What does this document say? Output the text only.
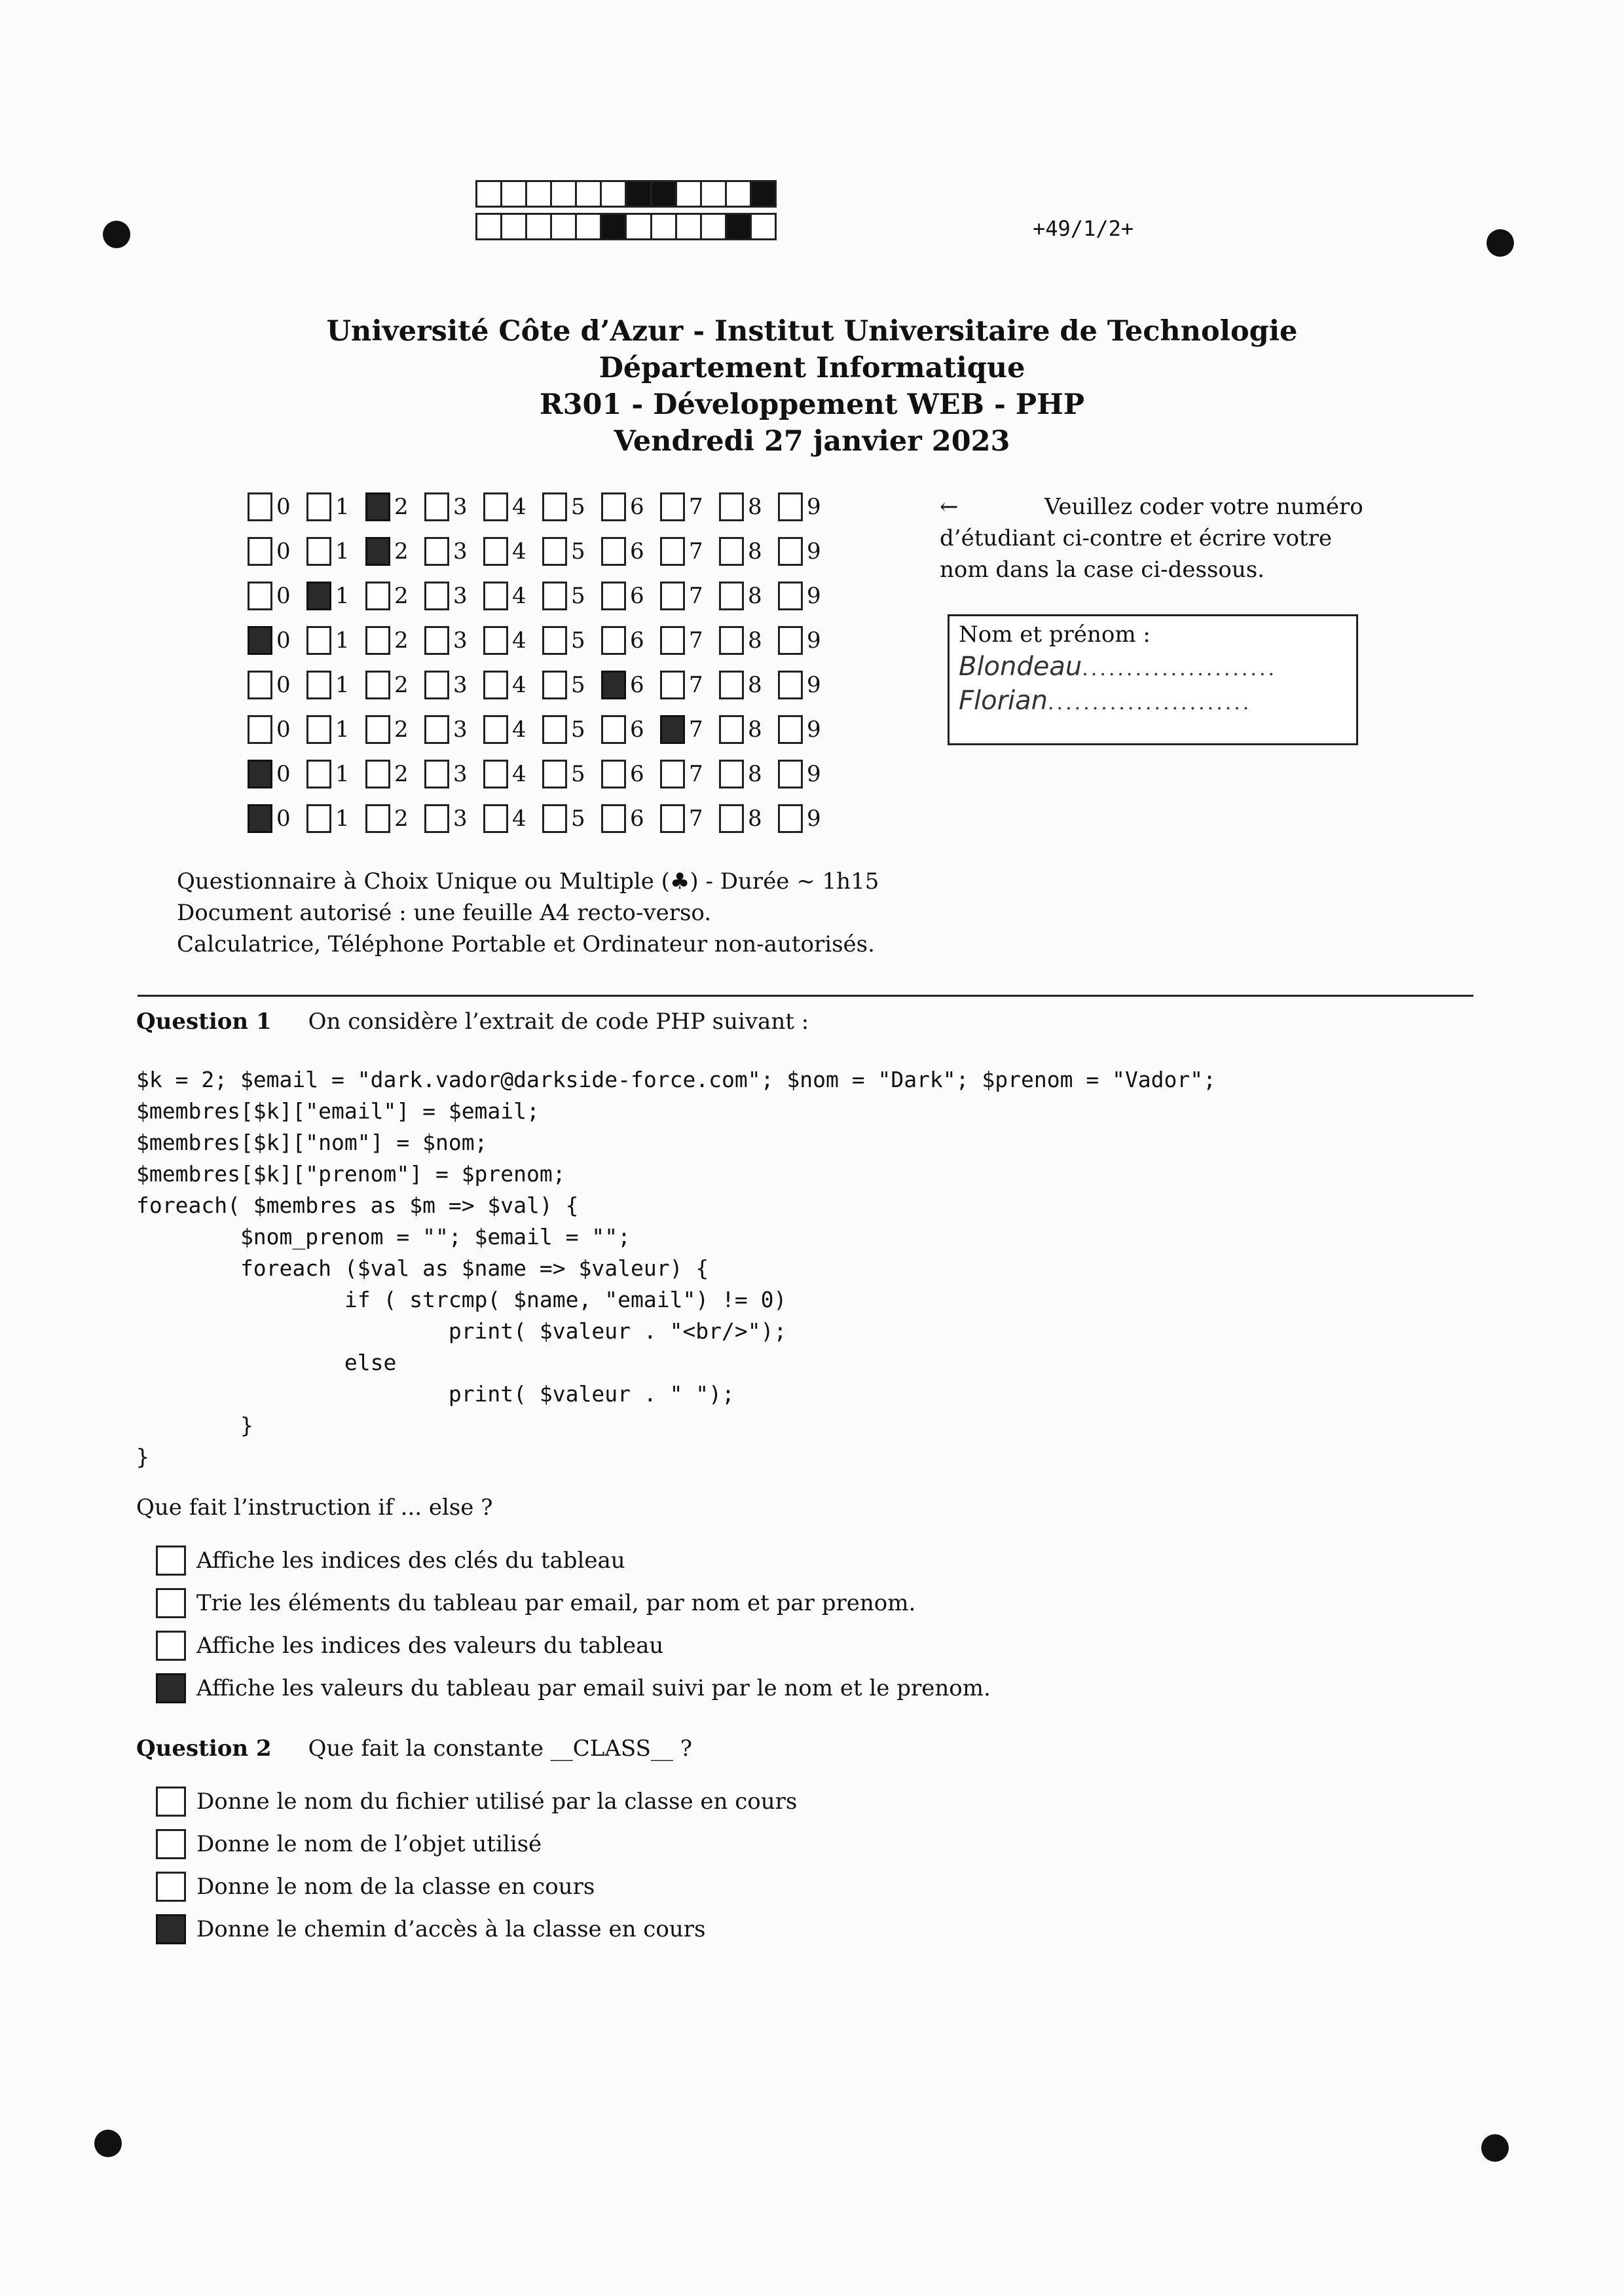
+49/1/2+
Université Côte d’Azur - Institut Universitaire de Technologie
Département Informatique
R301 - Développement WEB - PHP
Vendredi 27 janvier 2023
0 1 2 3 4 5 6 7 8 9
0 1 2 3 4 5 6 7 8 9
0 1 2 3 4 5 6 7 8 9
0 1 2 3 4 5 6 7 8 9
0 1 2 3 4 5 6 7 8 9
0 1 2 3 4 5 6 7 8 9
0 1 2 3 4 5 6 7 8 9
0 1 2 3 4 5 6 7 8 9
←	Veuillez coder votre numéro d’étudiant ci-contre et écrire votre nom dans la case ci-dessous.
Nom et prénom :
Blondeau......................
Florian.......................
Questionnaire à Choix Unique ou Multiple (♣) - Durée ∼ 1h15
Document autorisé : une feuille A4 recto-verso.
Calculatrice, Téléphone Portable et Ordinateur non-autorisés.
Question 1 On considère l’extrait de code PHP suivant :
$k = 2; $email = "dark.vador@darkside-force.com"; $nom = "Dark"; $prenom = "Vador";
$membres[$k]["email"] = $email;
$membres[$k]["nom"] = $nom;
$membres[$k]["prenom"] = $prenom;
foreach( $membres as $m => $val) {
$nom_prenom = ""; $email = "";
foreach ($val as $name => $valeur) {
if ( strcmp( $name, "email") != 0)
print( $valeur . "<br/>");
else
print( $valeur . " ");
}
}
Que fait l’instruction if ... else ?
Affiche les indices des clés du tableau
Trie les éléments du tableau par email, par nom et par prenom.
Affiche les indices des valeurs du tableau
Affiche les valeurs du tableau par email suivi par le nom et le prenom.
Question 2 Que fait la constante __CLASS__ ?
Donne le nom du fichier utilisé par la classe en cours
Donne le nom de l’objet utilisé
Donne le nom de la classe en cours
Donne le chemin d’accès à la classe en cours
